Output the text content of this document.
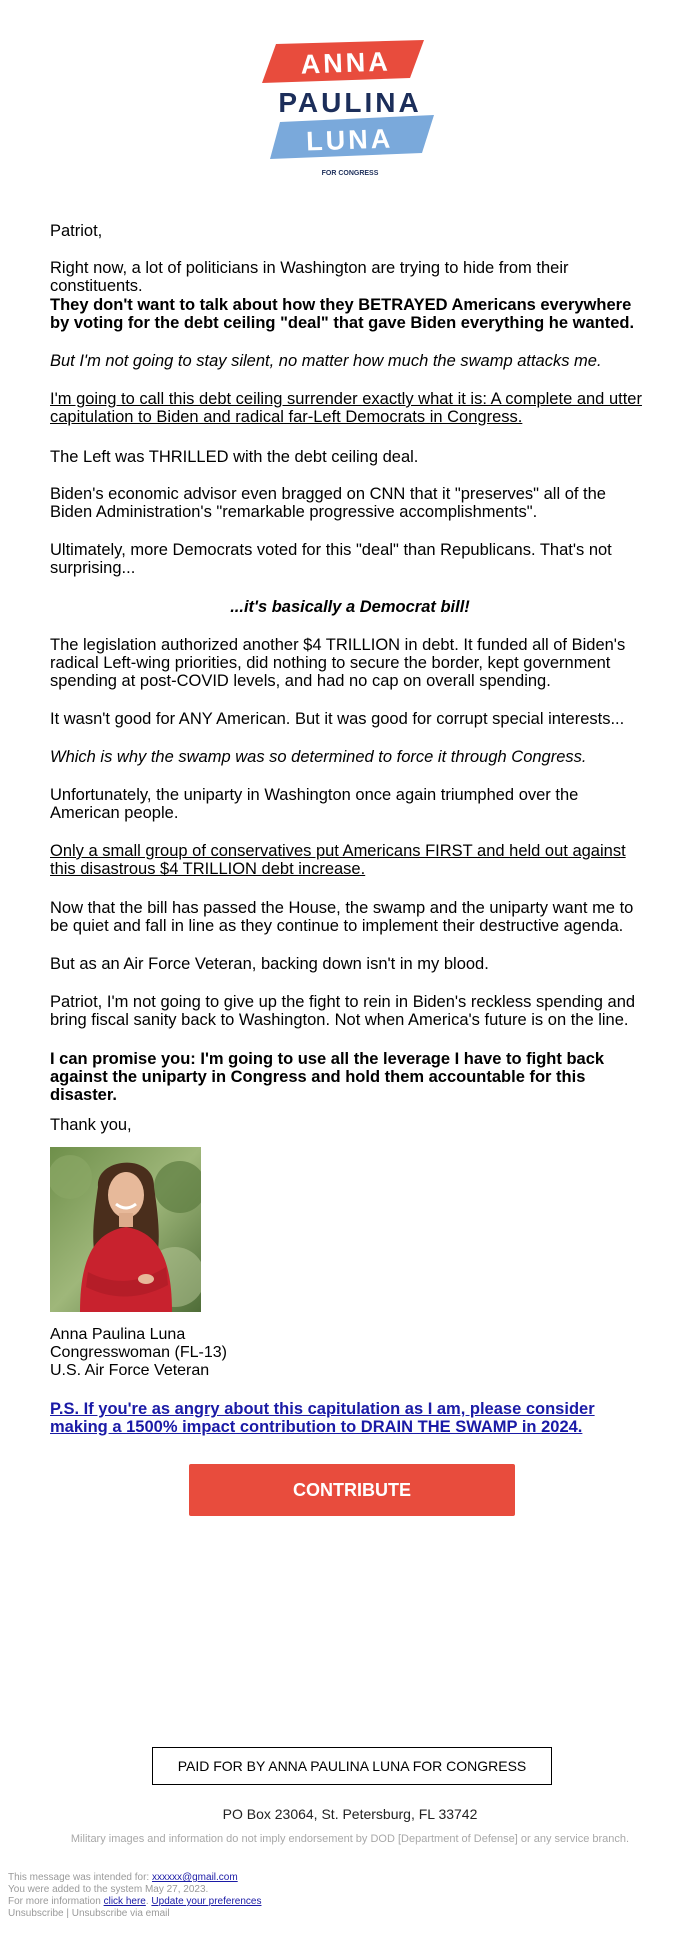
ANNA
PAULINA
LUNA
FOR CONGRESS

Patriot,

Right now, a lot of politicians in Washington are trying to hide from their constituents.

They don't want to talk about how they BETRAYED Americans everywhere by voting for the debt ceiling "deal" that gave Biden everything he wanted.

But I'm not going to stay silent, no matter how much the swamp attacks me.

I'm going to call this debt ceiling surrender exactly what it is: A complete and utter capitulation to Biden and radical far-Left Democrats in Congress.

The Left was THRILLED with the debt ceiling deal.

Biden's economic advisor even bragged on CNN that it "preserves" all of the Biden Administration's "remarkable progressive accomplishments".

Ultimately, more Democrats voted for this "deal" than Republicans. That's not surprising...

...it's basically a Democrat bill!

The legislation authorized another $4 TRILLION in debt. It funded all of Biden's radical Left-wing priorities, did nothing to secure the border, kept government spending at post-COVID levels, and had no cap on overall spending.

It wasn't good for ANY American. But it was good for corrupt special interests...

Which is why the swamp was so determined to force it through Congress.

Unfortunately, the uniparty in Washington once again triumphed over the American people.

Only a small group of conservatives put Americans FIRST and held out against this disastrous $4 TRILLION debt increase.

Now that the bill has passed the House, the swamp and the uniparty want me to be quiet and fall in line as they continue to implement their destructive agenda.

But as an Air Force Veteran, backing down isn't in my blood.

Patriot, I'm not going to give up the fight to rein in Biden's reckless spending and bring fiscal sanity back to Washington. Not when America's future is on the line.

I can promise you: I'm going to use all the leverage I have to fight back against the uniparty in Congress and hold them accountable for this disaster.

Thank you,

Anna Paulina Luna
Congresswoman (FL-13)
U.S. Air Force Veteran
P.S. If you're as angry about this capitulation as I am, please consider making a 1500% impact contribution to DRAIN THE SWAMP in 2024.
CONTRIBUTE
PAID FOR BY ANNA PAULINA LUNA FOR CONGRESS
PO Box 23064, St. Petersburg, FL 33742
Military images and information do not imply endorsement by DOD [Department of Defense] or any service branch.
This message was intended for: xxxxxx@gmail.com
You were added to the system May 27, 2023.
For more information click here. Update your preferences
Unsubscribe | Unsubscribe via email
